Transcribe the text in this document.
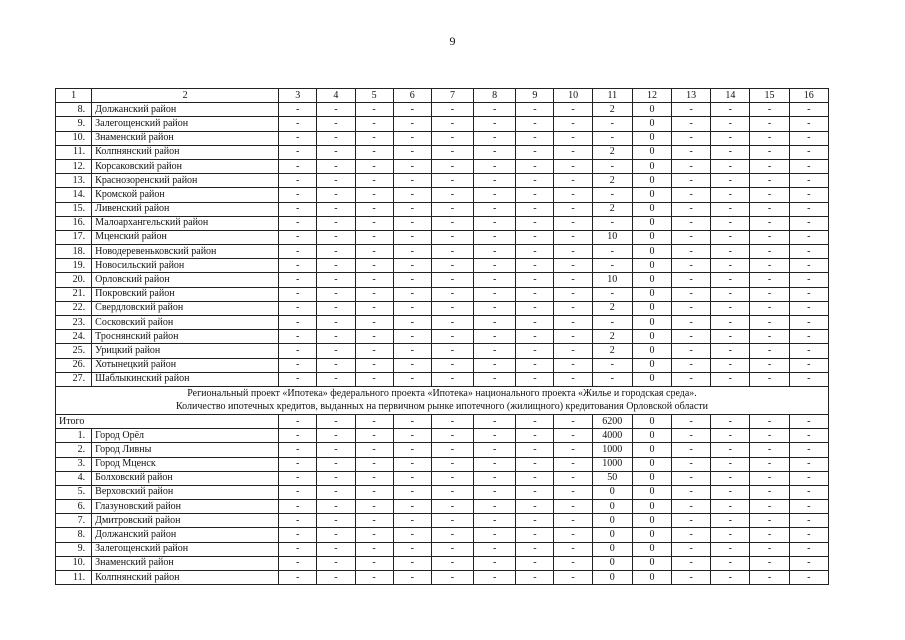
9
1	2	3	4	5	6	7	8	9	10	11	12	13	14	15	16
8.	Должанский район	-	-	-	-	-	-	-	-	2	0	-	-	-	-
9.	Залегощенский район	-	-	-	-	-	-	-	-	-	0	-	-	-	-
10.	Знаменский район	-	-	-	-	-	-	-	-	-	0	-	-	-	-
11.	Колпнянский район	-	-	-	-	-	-	-	-	2	0	-	-	-	-
12.	Корсаковский район	-	-	-	-	-	-	-	-	-	0	-	-	-	-
13.	Краснозоренский район	-	-	-	-	-	-	-	-	2	0	-	-	-	-
14.	Кромской район	-	-	-	-	-	-	-	-	-	0	-	-	-	-
15.	Ливенский район	-	-	-	-	-	-	-	-	2	0	-	-	-	-
16.	Малоархангельский район	-	-	-	-	-	-	-	-	-	0	-	-	-	-
17.	Мценский район	-	-	-	-	-	-	-	-	10	0	-	-	-	-
18.	Новодеревеньковский район	-	-	-	-	-	-	-	-	-	0	-	-	-	-
19.	Новосильский район	-	-	-	-	-	-	-	-	-	0	-	-	-	-
20.	Орловский район	-	-	-	-	-	-	-	-	10	0	-	-	-	-
21.	Покровский район	-	-	-	-	-	-	-	-	-	0	-	-	-	-
22.	Свердловский район	-	-	-	-	-	-	-	-	2	0	-	-	-	-
23.	Сосковский район	-	-	-	-	-	-	-	-	-	0	-	-	-	-
24.	Троснянский район	-	-	-	-	-	-	-	-	2	0	-	-	-	-
25.	Урицкий район	-	-	-	-	-	-	-	-	2	0	-	-	-	-
26.	Хотынецкий район	-	-	-	-	-	-	-	-	-	0	-	-	-	-
27.	Шаблыкинский район	-	-	-	-	-	-	-	-	-	0	-	-	-	-

Региональный проект «Ипотека» федерального проекта «Ипотека» национального проекта «Жилье и городская среда».
Количество ипотечных кредитов, выданных на первичном рынке ипотечного (жилищного) кредитования Орловской области															

Итого		-	-	-	-	-	-	-	-	6200	0	-	-	-	-
1.	Город Орёл	-	-	-	-	-	-	-	-	4000	0	-	-	-	-
2.	Город Ливны	-	-	-	-	-	-	-	-	1000	0	-	-	-	-
3.	Город Мценск	-	-	-	-	-	-	-	-	1000	0	-	-	-	-
4.	Болховский район	-	-	-	-	-	-	-	-	50	0	-	-	-	-
5.	Верховский район	-	-	-	-	-	-	-	-	0	0	-	-	-	-
6.	Глазуновский район	-	-	-	-	-	-	-	-	0	0	-	-	-	-
7.	Дмитровский район	-	-	-	-	-	-	-	-	0	0	-	-	-	-
8.	Должанский район	-	-	-	-	-	-	-	-	0	0	-	-	-	-
9.	Залегощенский район	-	-	-	-	-	-	-	-	0	0	-	-	-	-
10.	Знаменский район	-	-	-	-	-	-	-	-	0	0	-	-	-	-
11.	Колпнянский район	-	-	-	-	-	-	-	-	0	0	-	-	-	-
